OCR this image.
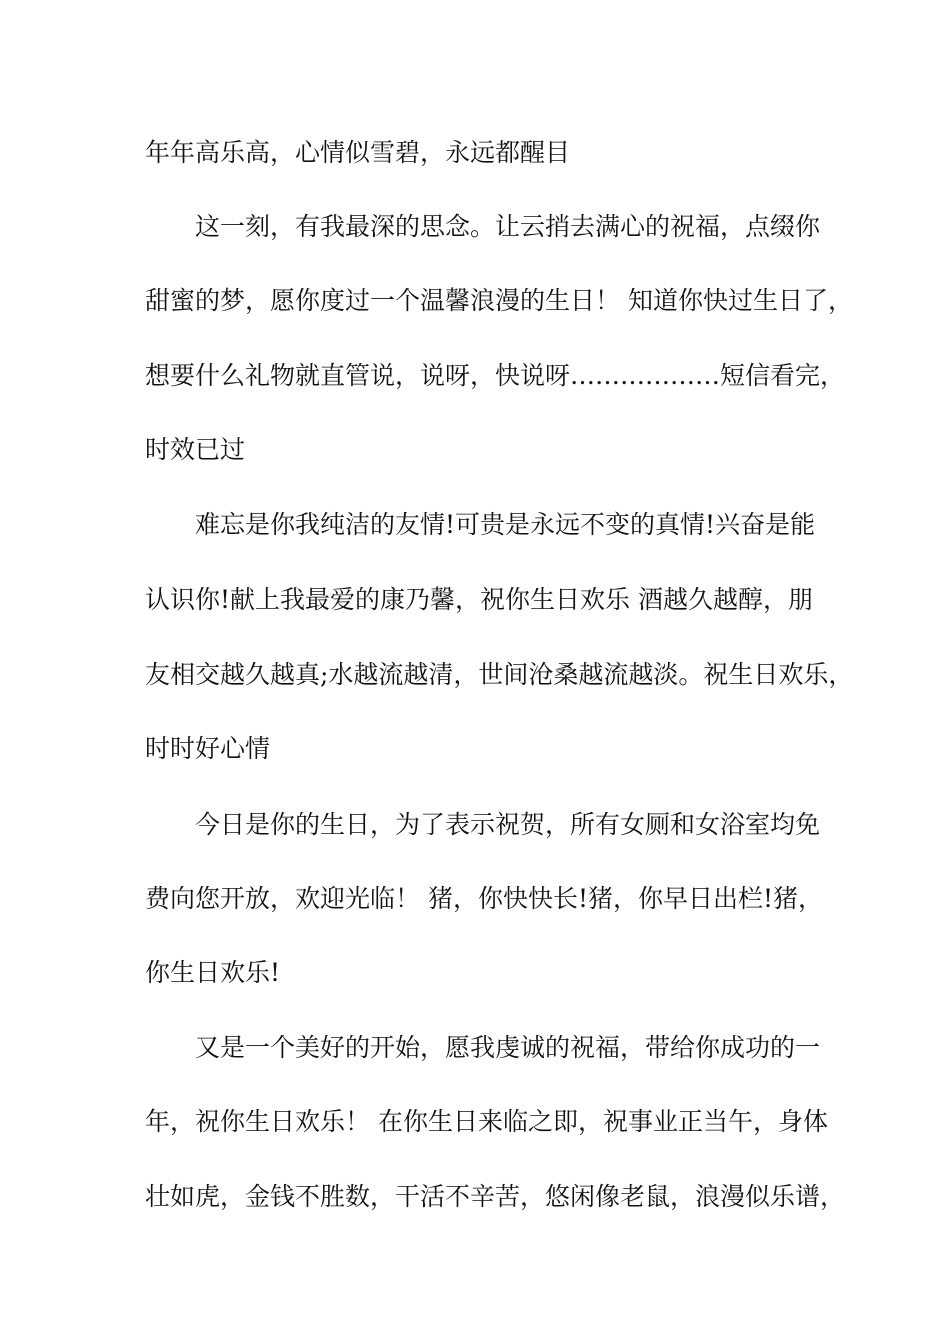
年年高乐高，心情似雪碧，永远都醒目
这一刻，有我最深的思念。让云捎去满心的祝福，点缀你
甜蜜的梦，愿你度过一个温馨浪漫的生日！ 知道你快过生日了，
想要什么礼物就直管说，说呀，快说呀………………短信看完，
时效已过
难忘是你我纯洁的友情!可贵是永远不变的真情!兴奋是能
认识你!献上我最爱的康乃馨，祝你生日欢乐 酒越久越醇，朋
友相交越久越真;水越流越清，世间沧桑越流越淡。祝生日欢乐，
时时好心情
今日是你的生日，为了表示祝贺，所有女厕和女浴室均免
费向您开放，欢迎光临！ 猪，你快快长!猪，你早日出栏!猪，
你生日欢乐!
又是一个美好的开始，愿我虔诚的祝福，带给你成功的一
年，祝你生日欢乐！ 在你生日来临之即，祝事业正当午，身体
壮如虎，金钱不胜数，干活不辛苦，悠闲像老鼠，浪漫似乐谱，
